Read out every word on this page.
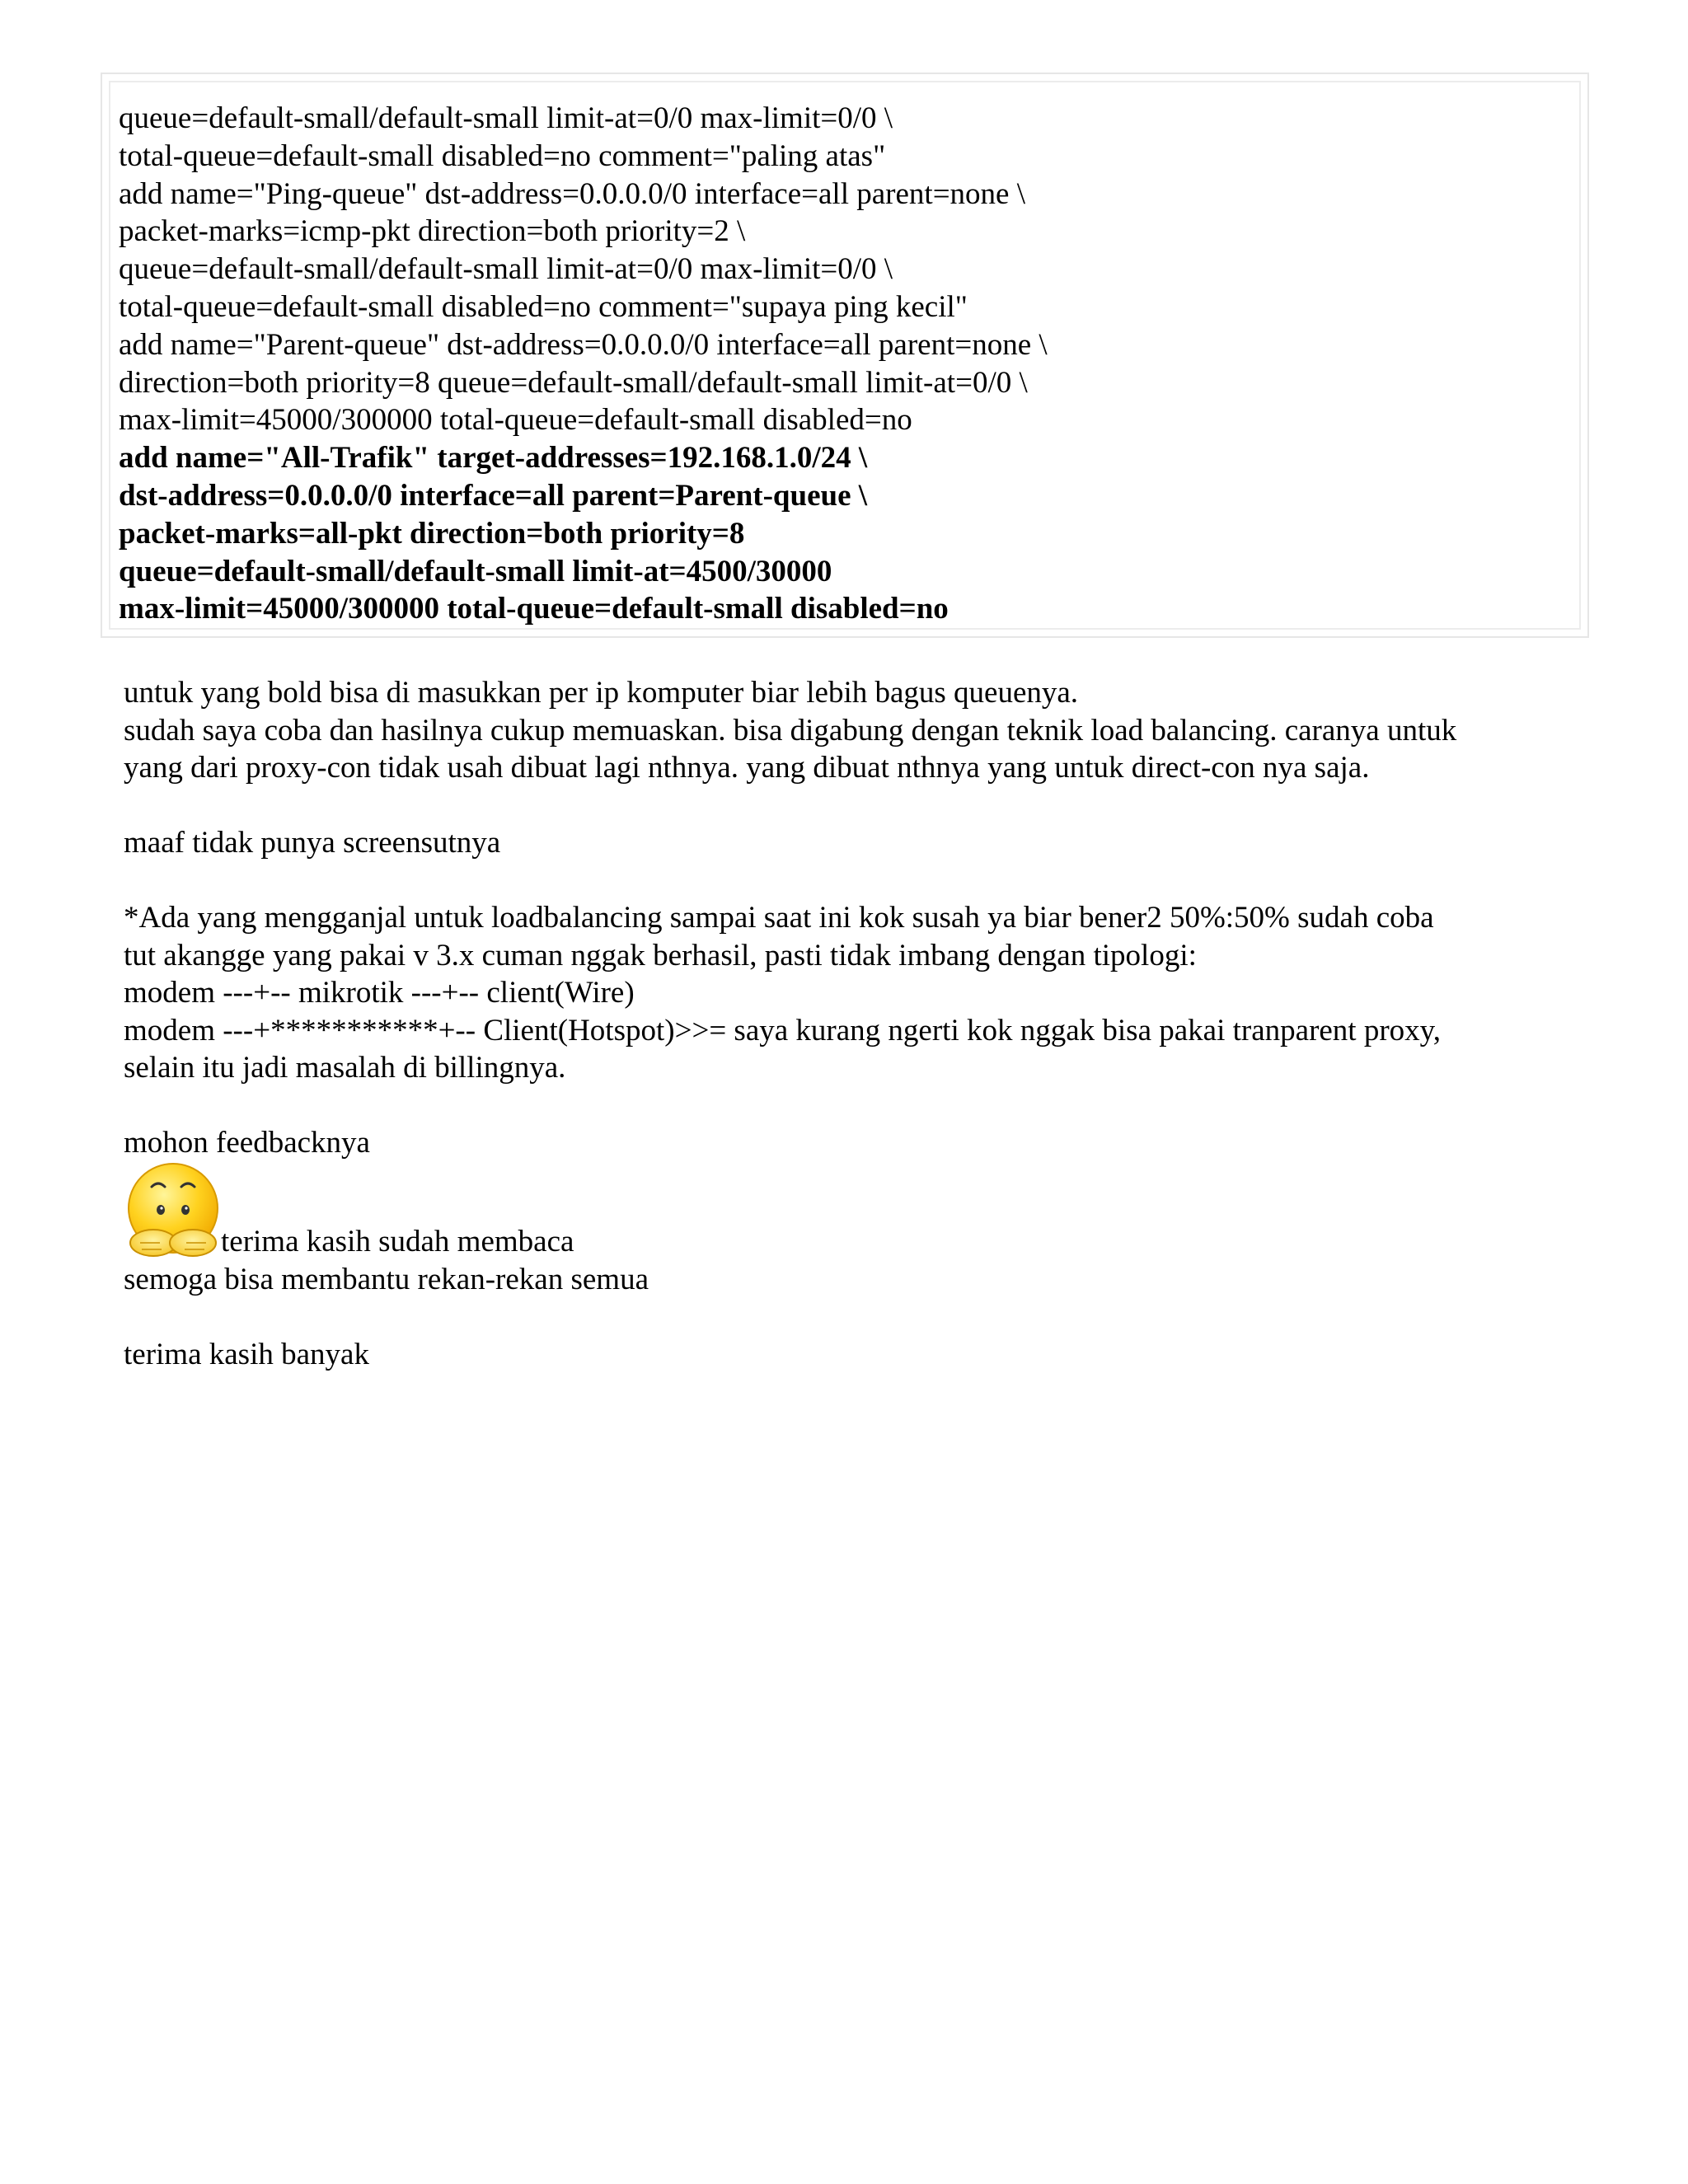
queue=default-small/default-small limit-at=0/0 max-limit=0/0 \
total-queue=default-small disabled=no comment="paling atas"
add name="Ping-queue" dst-address=0.0.0.0/0 interface=all parent=none \
packet-marks=icmp-pkt direction=both priority=2 \
queue=default-small/default-small limit-at=0/0 max-limit=0/0 \
total-queue=default-small disabled=no comment="supaya ping kecil"
add name="Parent-queue" dst-address=0.0.0.0/0 interface=all parent=none \
direction=both priority=8 queue=default-small/default-small limit-at=0/0 \
max-limit=45000/300000 total-queue=default-small disabled=no
add name="All-Trafik" target-addresses=192.168.1.0/24 \
dst-address=0.0.0.0/0 interface=all parent=Parent-queue \
packet-marks=all-pkt direction=both priority=8
queue=default-small/default-small limit-at=4500/30000
max-limit=45000/300000 total-queue=default-small disabled=no
untuk yang bold bisa di masukkan per ip komputer biar lebih bagus queuenya.
sudah saya coba dan hasilnya cukup memuaskan. bisa digabung dengan teknik load balancing. caranya untuk
yang dari proxy-con tidak usah dibuat lagi nthnya. yang dibuat nthnya yang untuk direct-con nya saja.
maaf tidak punya screensutnya
*Ada yang mengganjal untuk loadbalancing sampai saat ini kok susah ya biar bener2 50%:50% sudah coba
tut akangge yang pakai v 3.x cuman nggak berhasil, pasti tidak imbang dengan tipologi:
modem ---+-- mikrotik ---+-- client(Wire)
modem ---+***********+-- Client(Hotspot)>>= saya kurang ngerti kok nggak bisa pakai tranparent proxy,
selain itu jadi masalah di billingnya.
mohon feedbacknya
terima kasih sudah membaca
semoga bisa membantu rekan-rekan semua
terima kasih banyak
